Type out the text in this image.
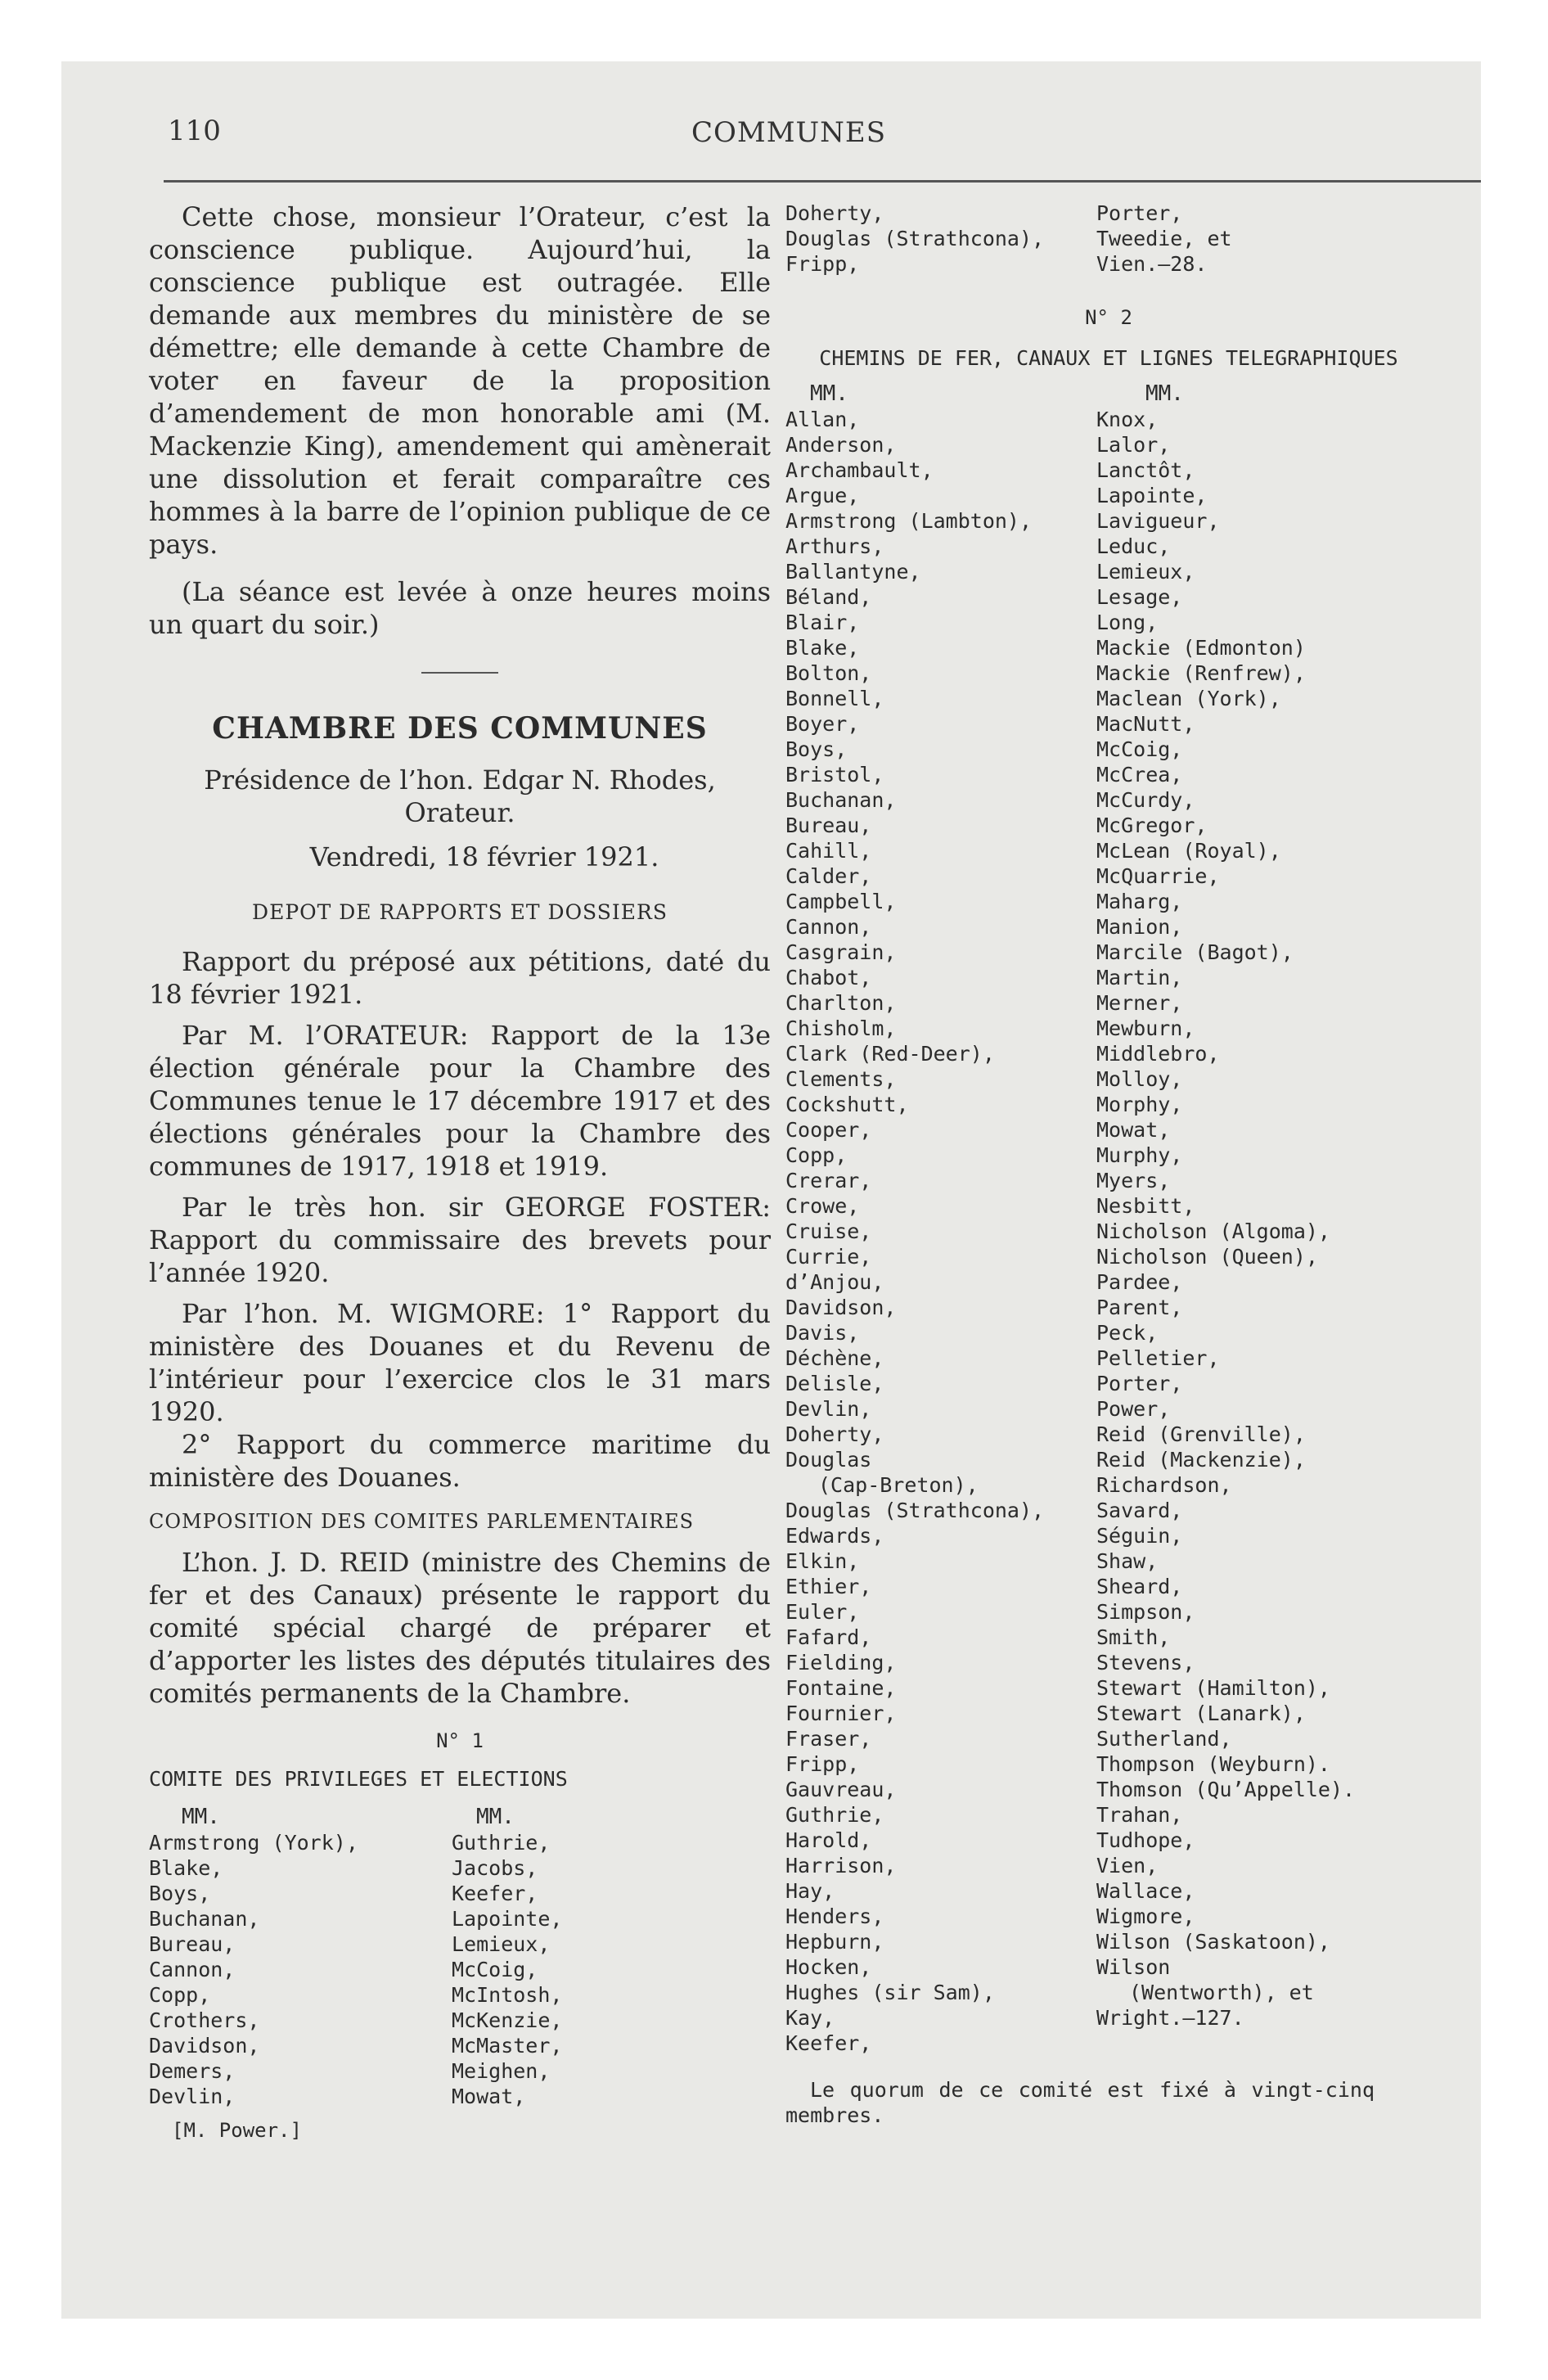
110	COMMUNES

Cette chose, monsieur l’Orateur, c’est la conscience publique. Aujourd’hui, la conscience publique est outragée. Elle demande aux membres du ministère de se démettre; elle demande à cette Chambre de voter en faveur de la proposition d’amendement de mon honorable ami (M. Mackenzie King), amendement qui amènerait une dissolution et ferait comparaître ces hommes à la barre de l’opinion publique de ce pays.

(La séance est levée à onze heures moins un quart du soir.)

CHAMBRE DES COMMUNES
Présidence de l’hon. Edgar N. Rhodes,
Orateur.
Vendredi, 18 février 1921.
DEPOT DE RAPPORTS ET DOSSIERS

Rapport du préposé aux pétitions, daté du 18 février 1921.

Par M. l’ORATEUR: Rapport de la 13e élection générale pour la Chambre des Communes tenue le 17 décembre 1917 et des élections générales pour la Chambre des communes de 1917, 1918 et 1919.

Par le très hon. sir GEORGE FOSTER: Rapport du commissaire des brevets pour l’année 1920.

Par l’hon. M. WIGMORE: 1° Rapport du ministère des Douanes et du Revenu de l’intérieur pour l’exercice clos le 31 mars 1920.

2° Rapport du commerce maritime du ministère des Douanes.

COMPOSITION DES COMITES PARLEMENTAIRES

L’hon. J. D. REID (ministre des Chemins de fer et des Canaux) présente le rapport du comité spécial chargé de préparer et d’apporter les listes des députés titulaires des comités permanents de la Chambre.

N° 1
COMITE DES PRIVILEGES ET ELECTIONS
MM.
Armstrong (York),
Blake,
Boys,
Buchanan,
Bureau,
Cannon,
Copp,
Crothers,
Davidson,
Demers,
Devlin,
MM.
Guthrie,
Jacobs,
Keefer,
Lapointe,
Lemieux,
McCoig,
McIntosh,
McKenzie,
McMaster,
Meighen,
Mowat,
[M. Power.]
Doherty,
Douglas (Strathcona),
Fripp,
Porter,
Tweedie, et
Vien.—28.
N° 2
CHEMINS DE FER, CANAUX ET LIGNES TELEGRAPHIQUES
MM.
Allan,
Anderson,
Archambault,
Argue,
Armstrong (Lambton),
Arthurs,
Ballantyne,
Béland,
Blair,
Blake,
Bolton,
Bonnell,
Boyer,
Boys,
Bristol,
Buchanan,
Bureau,
Cahill,
Calder,
Campbell,
Cannon,
Casgrain,
Chabot,
Charlton,
Chisholm,
Clark (Red-Deer),
Clements,
Cockshutt,
Cooper,
Copp,
Crerar,
Crowe,
Cruise,
Currie,
d’Anjou,
Davidson,
Davis,
Déchène,
Delisle,
Devlin,
Doherty,
Douglas
(Cap-Breton),
Douglas (Strathcona),
Edwards,
Elkin,
Ethier,
Euler,
Fafard,
Fielding,
Fontaine,
Fournier,
Fraser,
Fripp,
Gauvreau,
Guthrie,
Harold,
Harrison,
Hay,
Henders,
Hepburn,
Hocken,
Hughes (sir Sam),
Kay,
Keefer,
MM.
Knox,
Lalor,
Lanctôt,
Lapointe,
Lavigueur,
Leduc,
Lemieux,
Lesage,
Long,
Mackie (Edmonton)
Mackie (Renfrew),
Maclean (York),
MacNutt,
McCoig,
McCrea,
McCurdy,
McGregor,
McLean (Royal),
McQuarrie,
Maharg,
Manion,
Marcile (Bagot),
Martin,
Merner,
Mewburn,
Middlebro,
Molloy,
Morphy,
Mowat,
Murphy,
Myers,
Nesbitt,
Nicholson (Algoma),
Nicholson (Queen),
Pardee,
Parent,
Peck,
Pelletier,
Porter,
Power,
Reid (Grenville),
Reid (Mackenzie),
Richardson,
Savard,
Séguin,
Shaw,
Sheard,
Simpson,
Smith,
Stevens,
Stewart (Hamilton),
Stewart (Lanark),
Sutherland,
Thompson (Weyburn).
Thomson (Qu’Appelle).
Trahan,
Tudhope,
Vien,
Wallace,
Wigmore,
Wilson (Saskatoon),
Wilson
(Wentworth), et
Wright.—127.

Le quorum de ce comité est fixé à vingt-cinq membres.
